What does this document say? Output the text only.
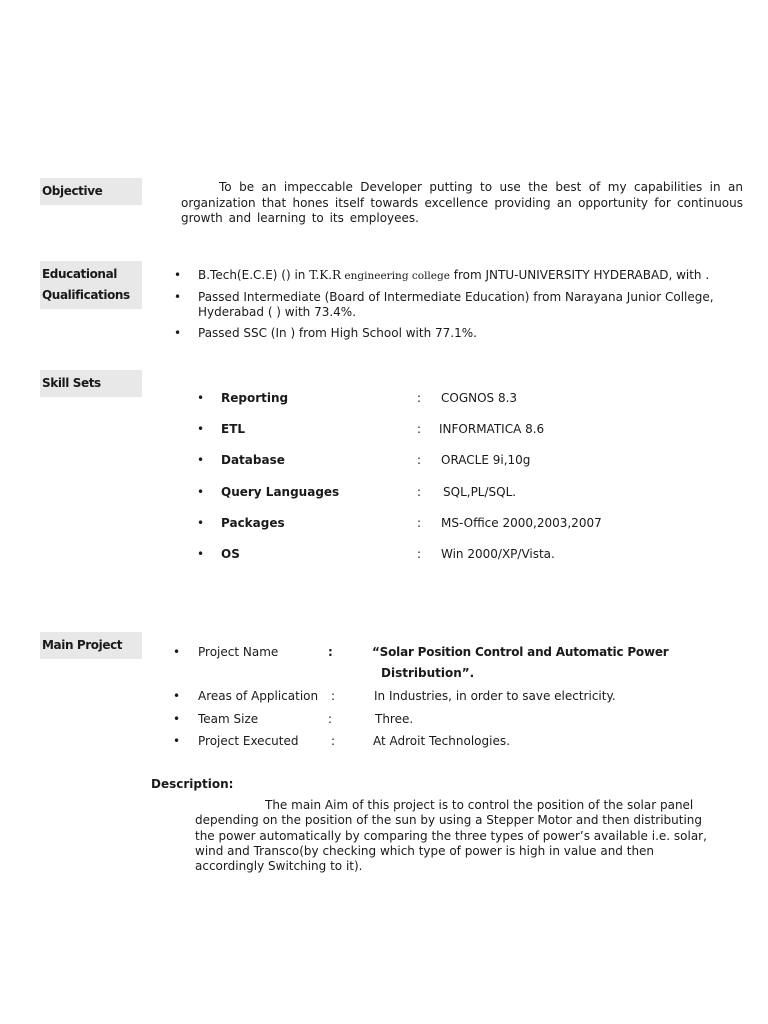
Objective	To be an impeccable Developer putting to use the best of my capabilities in an organization that hones itself towards excellence providing an opportunity for continuous growth and learning to its employees.
Educational
Qualifications
• B.Tech(E.C.E) () in T.K.R engineering college from JNTU-UNIVERSITY HYDERABAD, with .
• Passed Intermediate (Board of Intermediate Education) from Narayana Junior College, Hyderabad ( ) with 73.4%.
• Passed SSC (In ) from High School with 77.1%.
Skill Sets
• Reporting	: COGNOS 8.3
• ETL	: INFORMATICA 8.6
• Database	: ORACLE 9i,10g
• Query Languages	: SQL,PL/SQL.
• Packages	: MS-Office 2000,2003,2007
• OS	: Win 2000/XP/Vista.
Main Project	• Project Name	:	“Solar Position Control and Automatic Power
Distribution”.
• Areas of Application :	In Industries, in order to save electricity.
• Team Size	:	Three.
• Project Executed	:	At Adroit Technologies.
Description:
The main Aim of this project is to control the position of the solar panel depending on the position of the sun by using a Stepper Motor and then distributing the power automatically by comparing the three types of power’s available i.e. solar, wind and Transco(by checking which type of power is high in value and then accordingly Switching to it).
